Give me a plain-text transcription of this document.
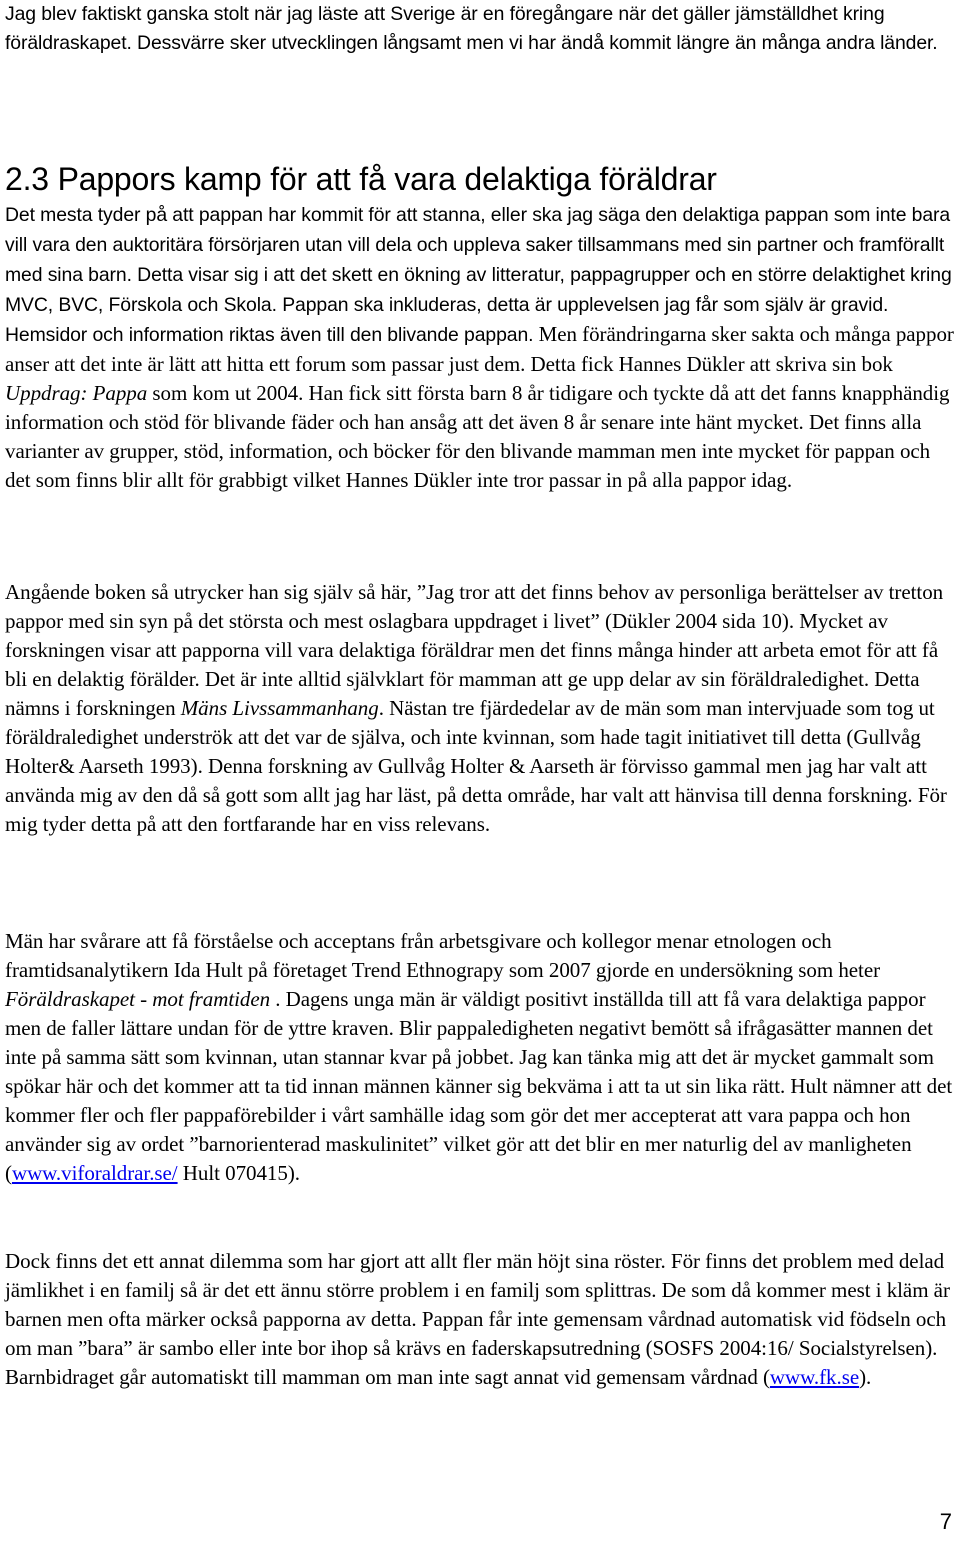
Jag blev faktiskt ganska stolt när jag läste att Sverige är en föregångare när det gäller jämställdhet kring föräldraskapet. Dessvärre sker utvecklingen långsamt men vi har ändå kommit längre än många andra länder.

2.3 Pappors kamp för att få vara delaktiga föräldrar

Det mesta tyder på att pappan har kommit för att stanna, eller ska jag säga den delaktiga pappan som inte bara vill vara den auktoritära försörjaren utan vill dela och uppleva saker tillsammans med sin partner och framförallt med sina barn. Detta visar sig i att det skett en ökning av litteratur, pappagrupper och en större delaktighet kring MVC, BVC, Förskola och Skola. Pappan ska inkluderas, detta är upplevelsen jag får som själv är gravid. Hemsidor och information riktas även till den blivande pappan. Men förändringarna sker sakta och många pappor anser att det inte är lätt att hitta ett forum som passar just dem. Detta fick Hannes Dükler att skriva sin bok Uppdrag: Pappa som kom ut 2004. Han fick sitt första barn 8 år tidigare och tyckte då att det fanns knapphändig information och stöd för blivande fäder och han ansåg att det även 8 år senare inte hänt mycket. Det finns alla varianter av grupper, stöd, information, och böcker för den blivande mamman men inte mycket för pappan och det som finns blir allt för grabbigt vilket Hannes Dükler inte tror passar in på alla pappor idag.

Angående boken så utrycker han sig själv så här, ”Jag tror att det finns behov av personliga berättelser av tretton pappor med sin syn på det största och mest oslagbara uppdraget i livet” (Dükler 2004 sida 10). Mycket av forskningen visar att papporna vill vara delaktiga föräldrar men det finns många hinder att arbeta emot för att få bli en delaktig förälder. Det är inte alltid självklart för mamman att ge upp delar av sin föräldraledighet. Detta nämns i forskningen Mäns Livssammanhang. Nästan tre fjärdedelar av de män som man intervjuade som tog ut föräldraledighet underströk att det var de själva, och inte kvinnan, som hade tagit initiativet till detta (Gullvåg Holter& Aarseth 1993). Denna forskning av Gullvåg Holter & Aarseth är förvisso gammal men jag har valt att använda mig av den då så gott som allt jag har läst, på detta område, har valt att hänvisa till denna forskning. För mig tyder detta på att den fortfarande har en viss relevans.

Män har svårare att få förståelse och acceptans från arbetsgivare och kollegor menar etnologen och framtidsanalytikern Ida Hult på företaget Trend Ethnograpy som 2007 gjorde en undersökning som heter Föräldraskapet - mot framtiden . Dagens unga män är väldigt positivt inställda till att få vara delaktiga pappor men de faller lättare undan för de yttre kraven. Blir pappaledigheten negativt bemött så ifrågasätter mannen det inte på samma sätt som kvinnan, utan stannar kvar på jobbet. Jag kan tänka mig att det är mycket gammalt som spökar här och det kommer att ta tid innan männen känner sig bekväma i att ta ut sin lika rätt. Hult nämner att det kommer fler och fler pappaförebilder i vårt samhälle idag som gör det mer accepterat att vara pappa och hon använder sig av ordet ”barnorienterad maskulinitet” vilket gör att det blir en mer naturlig del av manligheten (www.viforaldrar.se/ Hult 070415).

Dock finns det ett annat dilemma som har gjort att allt fler män höjt sina röster. För finns det problem med delad jämlikhet i en familj så är det ett ännu större problem i en familj som splittras. De som då kommer mest i kläm är barnen men ofta märker också papporna av detta. Pappan får inte gemensam vårdnad automatisk vid födseln och om man ”bara” är sambo eller inte bor ihop så krävs en faderskapsutredning (SOSFS 2004:16/ Socialstyrelsen). Barnbidraget går automatiskt till mamman om man inte sagt annat vid gemensam vårdnad (www.fk.se).

7
